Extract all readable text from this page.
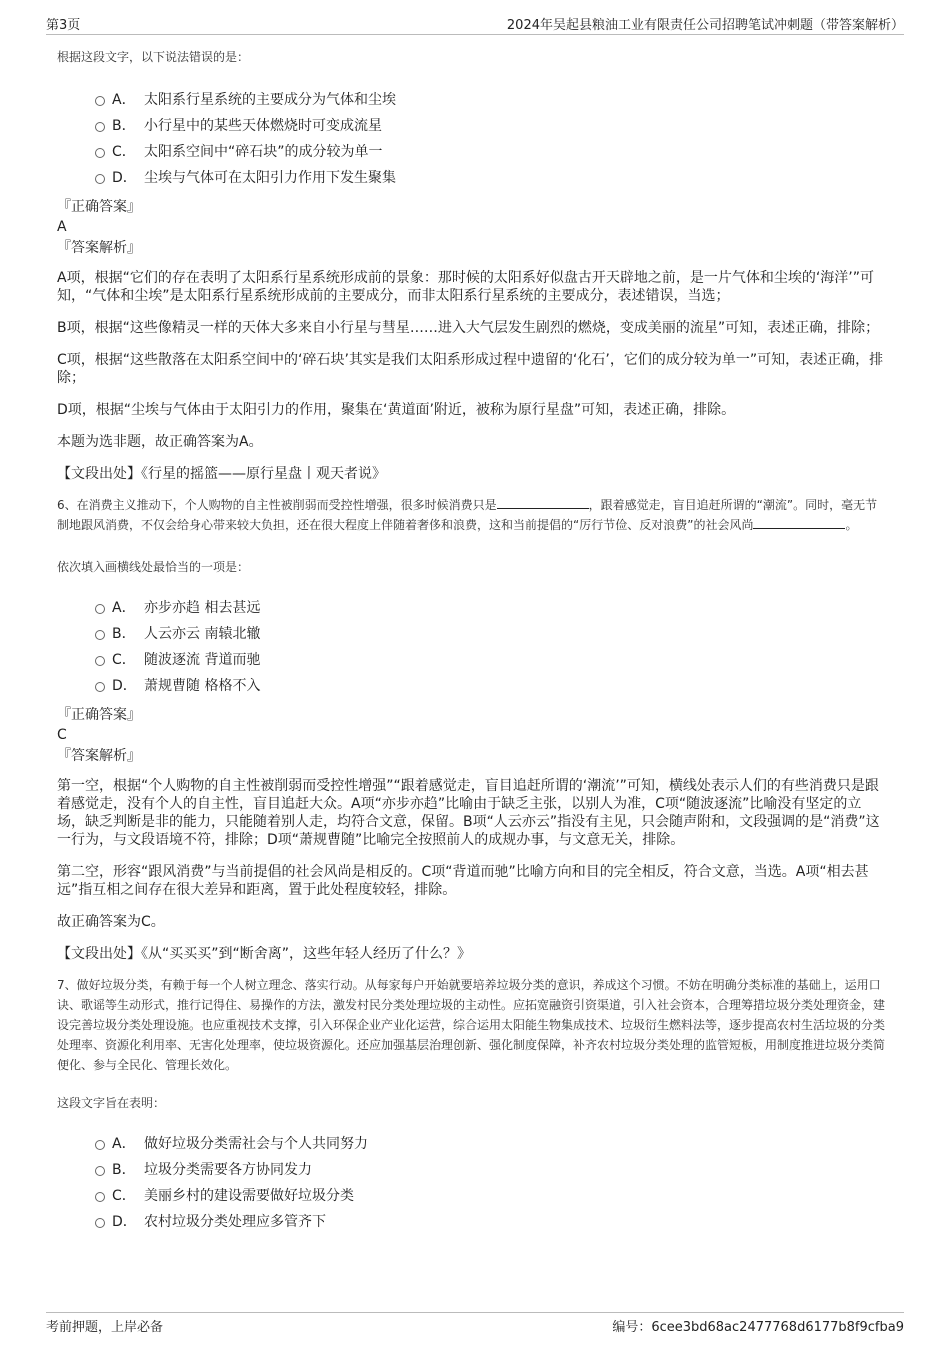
第3页	2024年吴起县粮油工业有限责任公司招聘笔试冲刺题（带答案解析）

根据这段文字，以下说法错误的是：

A． 太阳系行星系统的主要成分为气体和尘埃
B． 小行星中的某些天体燃烧时可变成流星
C． 太阳系空间中“碎石块”的成分较为单一
D． 尘埃与气体可在太阳引力作用下发生聚集

『正确答案』

A

『答案解析』

A项，根据“它们的存在表明了太阳系行星系统形成前的景象：那时候的太阳系好似盘古开天辟地之前，是一片气体和尘埃的‘海洋’”可知，“气体和尘埃”是太阳系行星系统形成前的主要成分，而非太阳系行星系统的主要成分，表述错误，当选；

B项，根据“这些像精灵一样的天体大多来自小行星与彗星……进入大气层发生剧烈的燃烧，变成美丽的流星”可知，表述正确，排除；

C项，根据“这些散落在太阳系空间中的‘碎石块’其实是我们太阳系形成过程中遗留的‘化石’，它们的成分较为单一”可知，表述正确，排除；

D项，根据“尘埃与气体由于太阳引力的作用，聚集在‘黄道面’附近，被称为原行星盘”可知，表述正确，排除。

本题为选非题，故正确答案为A。

【文段出处】《行星的摇篮——原行星盘丨观天者说》

6、在消费主义推动下，个人购物的自主性被削弱而受控性增强，很多时候消费只是	，跟着感觉走，盲目追赶所谓的“潮流”。同时，毫无节制地跟风消费，不仅会给身心带来较大负担，还在很大程度上伴随着奢侈和浪费，这和当前提倡的“厉行节俭、反对浪费”的社会风尚	。

依次填入画横线处最恰当的一项是：

A． 亦步亦趋 相去甚远
B． 人云亦云 南辕北辙
C． 随波逐流 背道而驰
D． 萧规曹随 格格不入

『正确答案』

C

『答案解析』

第一空，根据“个人购物的自主性被削弱而受控性增强”“跟着感觉走，盲目追赶所谓的‘潮流’”可知，横线处表示人们的有些消费只是跟着感觉走，没有个人的自主性，盲目追赶大众。A项“亦步亦趋”比喻由于缺乏主张，以别人为准，C项“随波逐流”比喻没有坚定的立场，缺乏判断是非的能力，只能随着别人走，均符合文意，保留。B项“人云亦云”指没有主见，只会随声附和，文段强调的是“消费”这一行为，与文段语境不符，排除；D项“萧规曹随”比喻完全按照前人的成规办事，与文意无关，排除。

第二空，形容“跟风消费”与当前提倡的社会风尚是相反的。C项“背道而驰”比喻方向和目的完全相反，符合文意，当选。A项“相去甚远”指互相之间存在很大差异和距离，置于此处程度较轻，排除。

故正确答案为C。

【文段出处】《从“买买买”到“断舍离”，这些年轻人经历了什么？》

7、做好垃圾分类，有赖于每一个人树立理念、落实行动。从每家每户开始就要培养垃圾分类的意识，养成这个习惯。不妨在明确分类标准的基础上，运用口诀、歌谣等生动形式，推行记得住、易操作的方法，激发村民分类处理垃圾的主动性。应拓宽融资引资渠道，引入社会资本，合理筹措垃圾分类处理资金，建设完善垃圾分类处理设施。也应重视技术支撑，引入环保企业产业化运营，综合运用太阳能生物集成技术、垃圾衍生燃料法等，逐步提高农村生活垃圾的分类处理率、资源化利用率、无害化处理率，使垃圾资源化。还应加强基层治理创新、强化制度保障，补齐农村垃圾分类处理的监管短板，用制度推进垃圾分类简便化、参与全民化、管理长效化。

这段文字旨在表明：

A． 做好垃圾分类需社会与个人共同努力
B． 垃圾分类需要各方协同发力
C． 美丽乡村的建设需要做好垃圾分类
D． 农村垃圾分类处理应多管齐下
考前押题，上岸必备	编号：6cee3bd68ac2477768d6177b8f9cfba9
